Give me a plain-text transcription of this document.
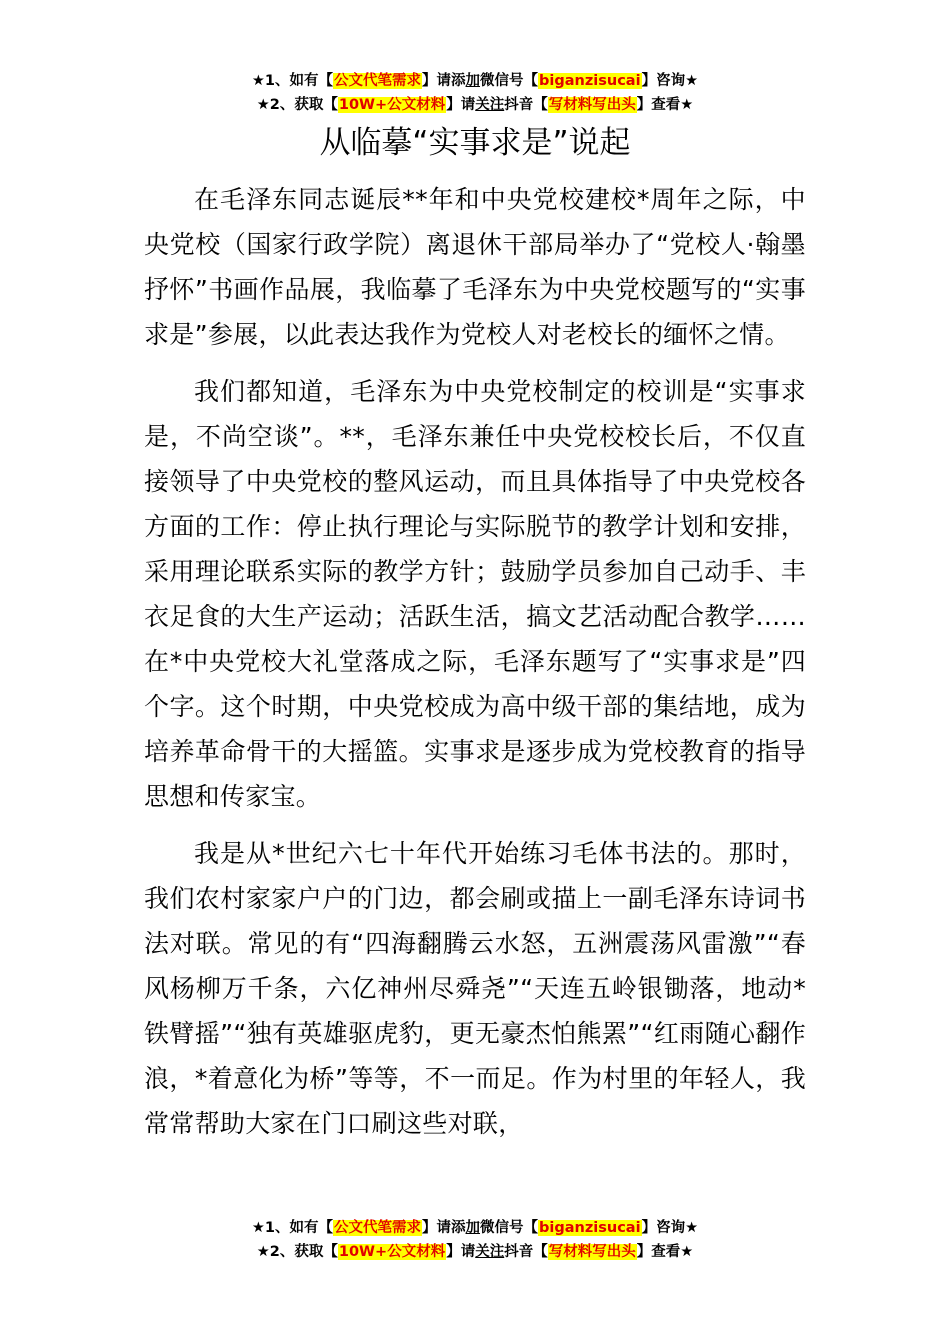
★1、如有【公文代笔需求】请添加微信号【biganzisucai】咨询★
★2、获取【10W+公文材料】请关注抖音【写材料写出头】查看★
从临摹“实事求是”说起

在毛泽东同志诞辰**年和中央党校建校*周年之际，中央党校（国家行政学院）离退休干部局举办了“党校人·翰墨抒怀”书画作品展，我临摹了毛泽东为中央党校题写的“实事求是”参展，以此表达我作为党校人对老校长的缅怀之情。

我们都知道，毛泽东为中央党校制定的校训是“实事求是，不尚空谈”。**，毛泽东兼任中央党校校长后，不仅直接领导了中央党校的整风运动，而且具体指导了中央党校各方面的工作：停止执行理论与实际脱节的教学计划和安排，采用理论联系实际的教学方针；鼓励学员参加自己动手、丰衣足食的大生产运动；活跃生活，搞文艺活动配合教学……在*中央党校大礼堂落成之际，毛泽东题写了“实事求是”四个字。这个时期，中央党校成为高中级干部的集结地，成为培养革命骨干的大摇篮。实事求是逐步成为党校教育的指导思想和传家宝。

我是从*世纪六七十年代开始练习毛体书法的。那时，我们农村家家户户的门边，都会刷或描上一副毛泽东诗词书法对联。常见的有“四海翻腾云水怒，五洲震荡风雷激”“春风杨柳万千条，六亿神州尽舜尧”“天连五岭银锄落，地动*铁臂摇”“独有英雄驱虎豹，更无豪杰怕熊罴”“红雨随心翻作浪，*着意化为桥”等等，不一而足。作为村里的年轻人，我常常帮助大家在门口刷这些对联，

★1、如有【公文代笔需求】请添加微信号【biganzisucai】咨询★
★2、获取【10W+公文材料】请关注抖音【写材料写出头】查看★
